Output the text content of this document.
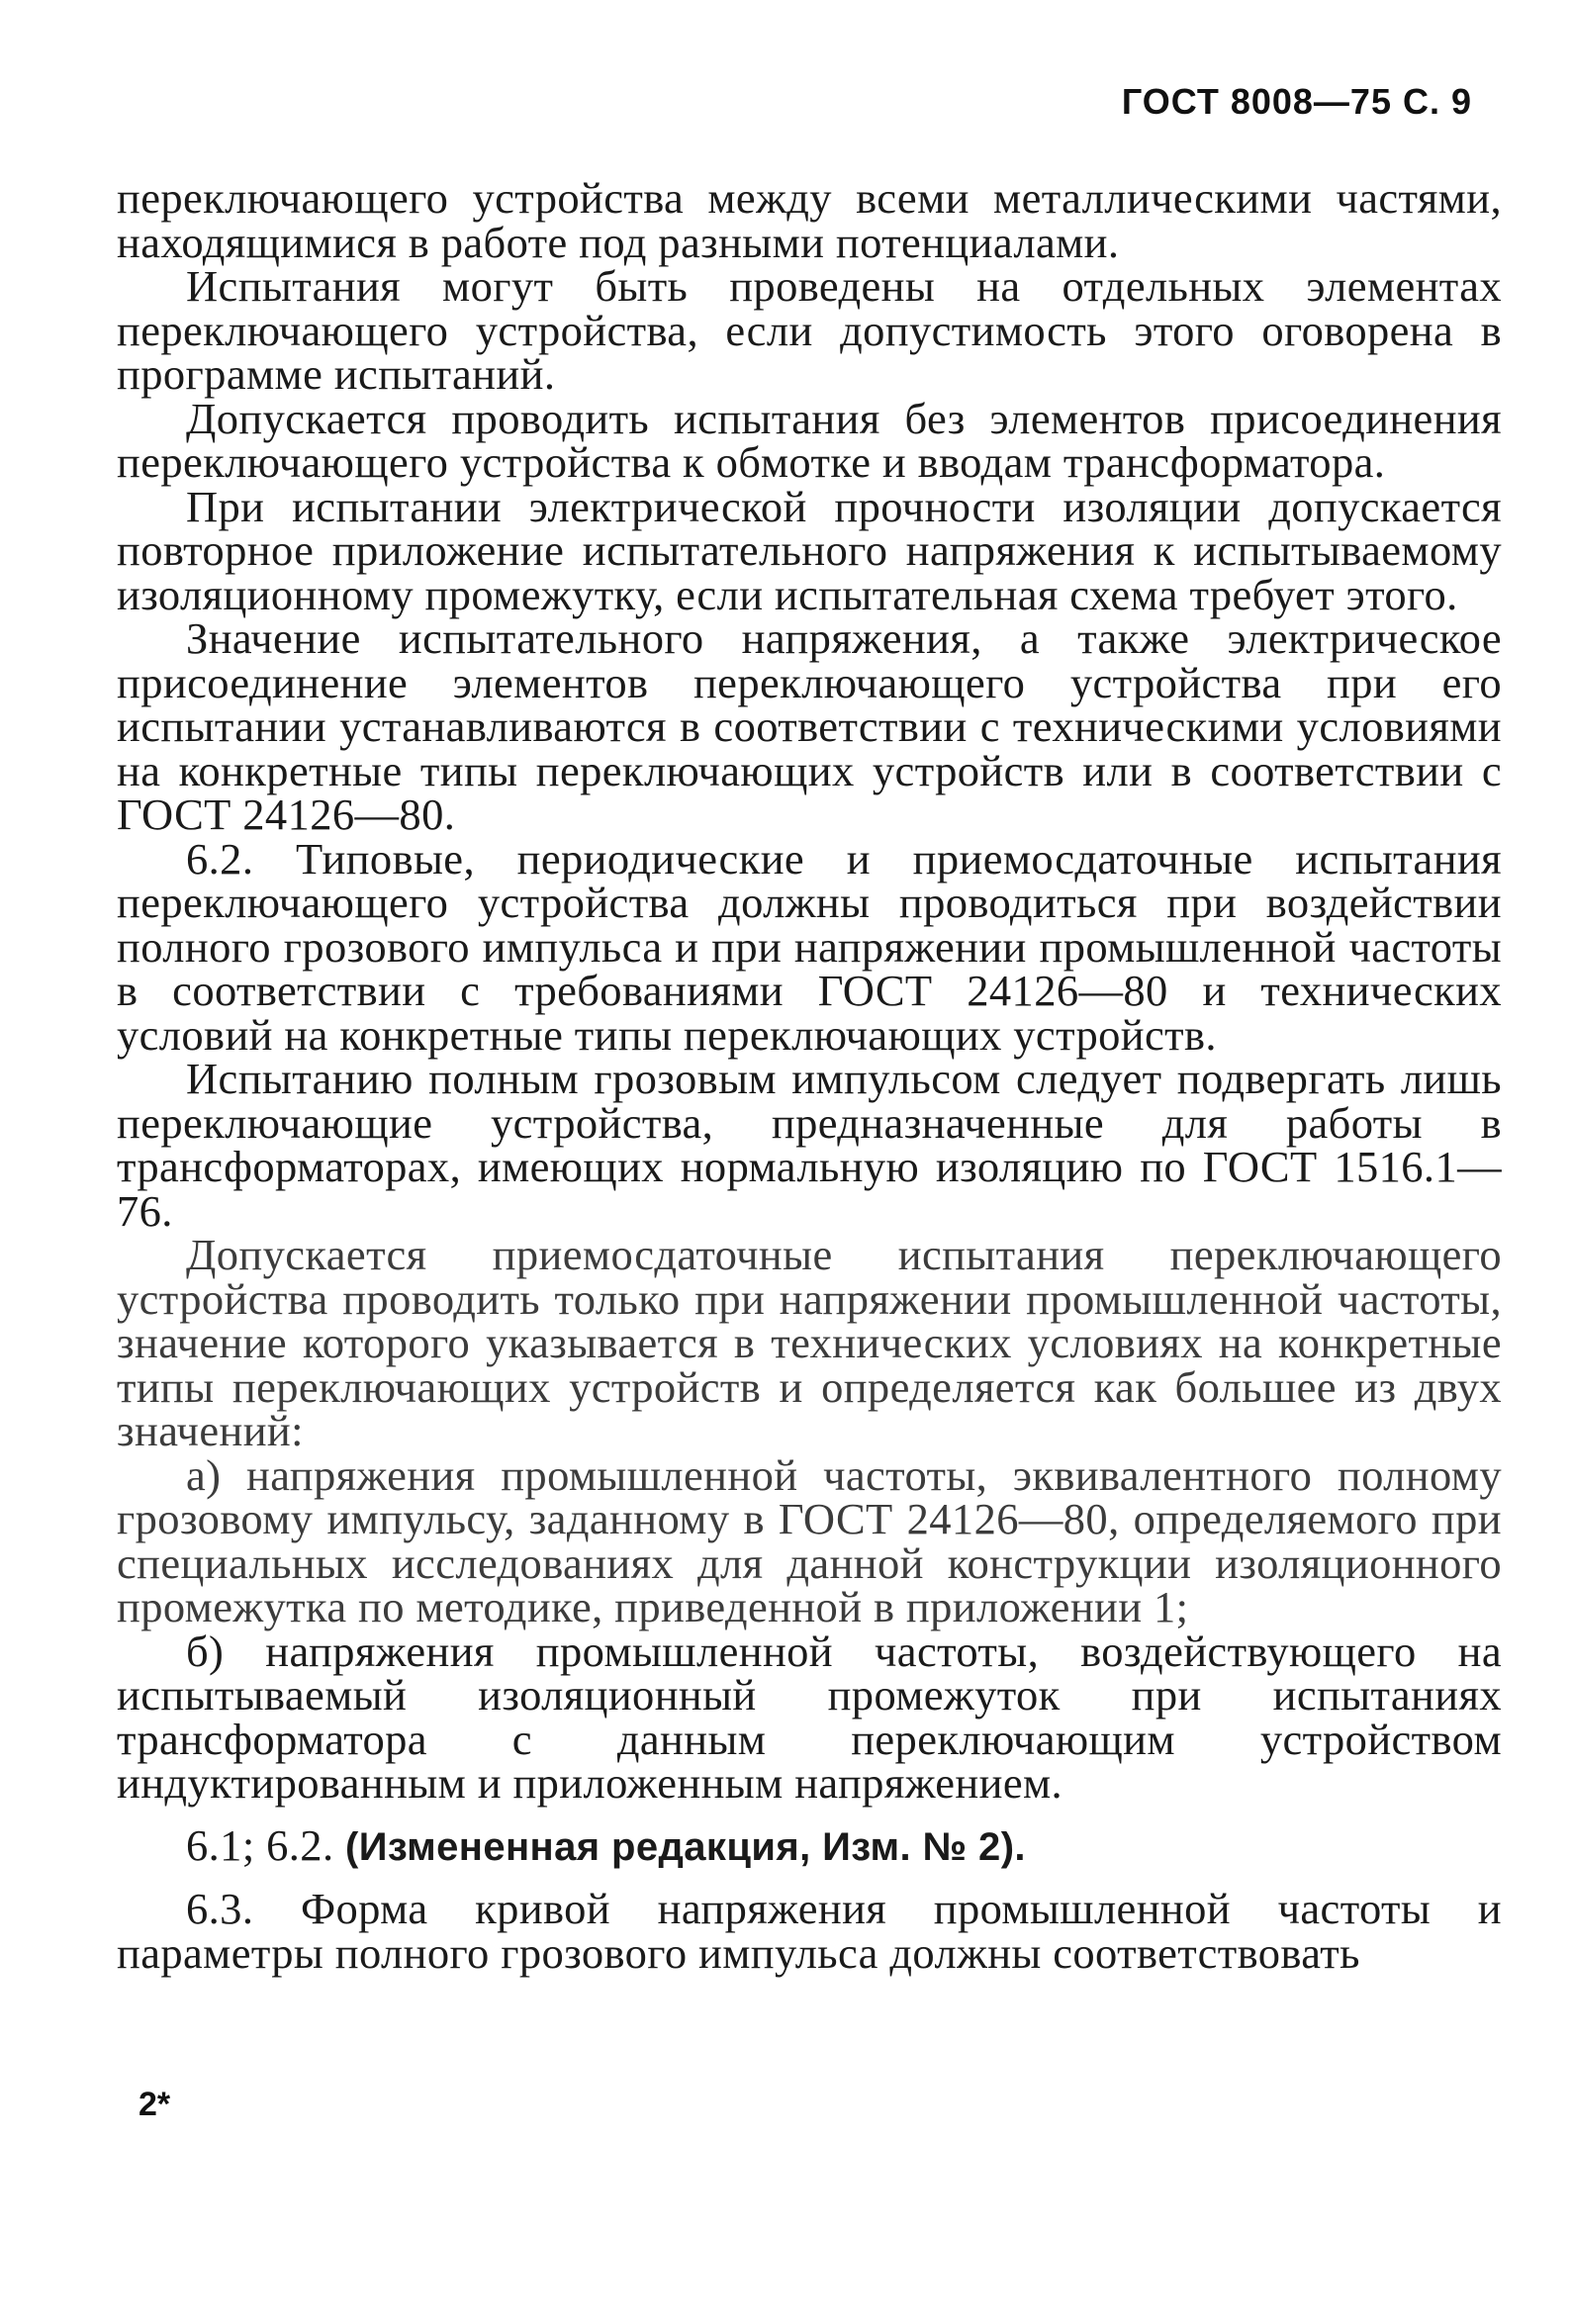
ГОСТ 8008—75 С. 9

переключающего устройства между всеми металлическими частями, находящимися в работе под разными потенциалами.

Испытания могут быть проведены на отдельных элементах переключающего устройства, если допустимость этого оговорена в программе испытаний.

Допускается проводить испытания без элементов присоединения переключающего устройства к обмотке и вводам трансформатора.

При испытании электрической прочности изоляции допускается повторное приложение испытательного напряжения к испытываемому изоляционному промежутку, если испытательная схема требует этого.

Значение испытательного напряжения, а также электрическое присоединение элементов переключающего устройства при его испытании устанавливаются в соответствии с техническими условиями на конкретные типы переключающих устройств или в соответствии с ГОСТ 24126—80.

6.2. Типовые, периодические и приемосдаточные испытания переключающего устройства должны проводиться при воздействии полного грозового импульса и при напряжении промышленной частоты в соответствии с требованиями ГОСТ 24126—80 и технических условий на конкретные типы переключающих устройств.

Испытанию полным грозовым импульсом следует подвергать лишь переключающие устройства, предназначенные для работы в трансформаторах, имеющих нормальную изоляцию по ГОСТ 1516.1—76.

Допускается приемосдаточные испытания переключающего устройства проводить только при напряжении промышленной частоты, значение которого указывается в технических условиях на конкретные типы переключающих устройств и определяется как большее из двух значений:

а) напряжения промышленной частоты, эквивалентного полному грозовому импульсу, заданному в ГОСТ 24126—80, определяемого при специальных исследованиях для данной конструкции изоляционного промежутка по методике, приведенной в приложении 1;

б) напряжения промышленной частоты, воздействующего на испытываемый изоляционный промежуток при испытаниях трансформатора с данным переключающим устройством индуктированным и приложенным напряжением.

6.1; 6.2. (Измененная редакция, Изм. № 2).

6.3. Форма кривой напряжения промышленной частоты и параметры полного грозового импульса должны соответствовать

2*
